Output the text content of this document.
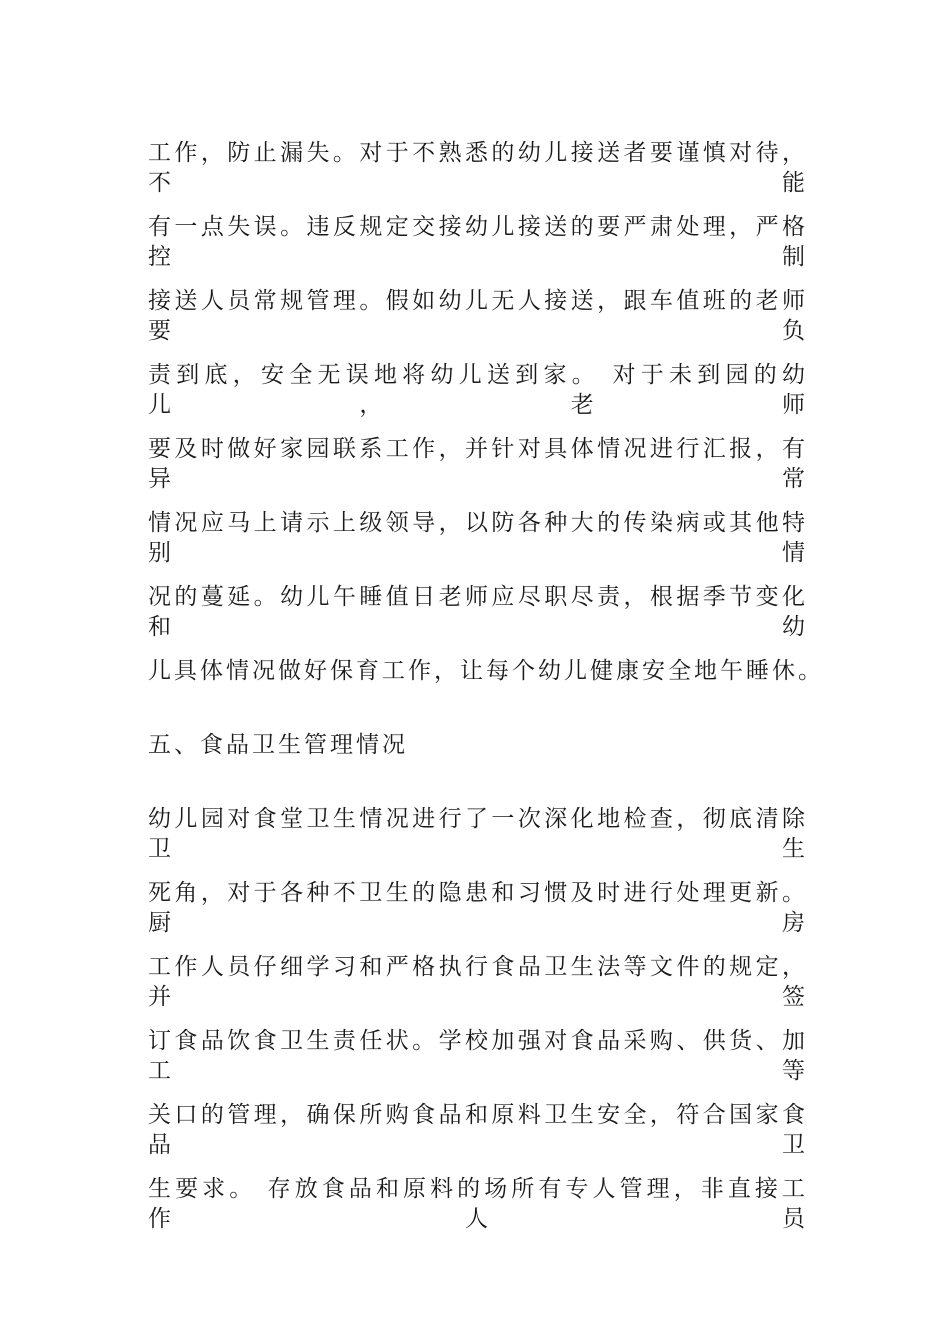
工作，防止漏失。对于不熟悉的幼儿接送者要谨慎对待，不能
有一点失误。违反规定交接幼儿接送的要严肃处理，严格控制
接送人员常规管理。假如幼儿无人接送，跟车值班的老师要负
责到底，安全无误地将幼儿送到家。 对于未到园的幼儿，老师
要及时做好家园联系工作，并针对具体情况进行汇报，有异常
情况应马上请示上级领导，以防各种大的传染病或其他特别情
况的蔓延。幼儿午睡值日老师应尽职尽责，根据季节变化和幼
儿具体情况做好保育工作，让每个幼儿健康安全地午睡休。
五、食品卫生管理情况
幼儿园对食堂卫生情况进行了一次深化地检查，彻底清除卫生
死角，对于各种不卫生的隐患和习惯及时进行处理更新。厨房
工作人员仔细学习和严格执行食品卫生法等文件的规定，并签
订食品饮食卫生责任状。学校加强对食品采购、供货、加工等
关口的管理，确保所购食品和原料卫生安全，符合国家食品卫
生要求。 存放食品和原料的场所有专人管理，非直接工作人员
